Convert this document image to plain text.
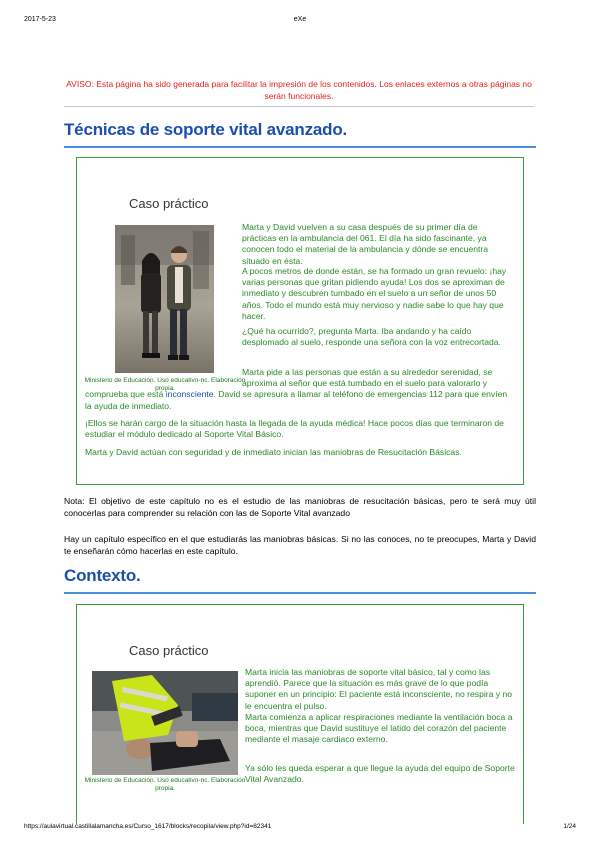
2017-5-23	eXe
AVISO: Esta página ha sido generada para facilitar la impresión de los contenidos. Los enlaces externos a otras páginas no serán funcionales.
Técnicas de soporte vital avanzado.
Caso práctico
Ministerio de Educación. Uso educativo-nc. Elaboración propia.
Marta y David vuelven a su casa después de su primer día de prácticas en la ambulancia del 061. El día ha sido fascinante, ya conocen todo el material de la ambulancia y dónde se encuentra situado en ésta.
A pocos metros de donde están, se ha formado un gran revuelo: ¡hay varias personas que gritan pidiendo ayuda! Los dos se aproximan de inmediato y descubren tumbado en el suelo a un señor de unos 50 años. Todo el mundo está muy nervioso y nadie sabe lo que hay que hacer.
¿Qué ha ocurrido?, pregunta Marta. Iba andando y ha caído desplomado al suelo, responde una señora con la voz entrecortada.
Marta pide a las personas que están a su alrededor serenidad, se aproxima al señor que está tumbado en el suelo para valorarlo y comprueba que está inconsciente. David se apresura a llamar al teléfono de emergencias 112 para que envíen la ayuda de inmediato.
¡Ellos se harán cargo de la situación hasta la llegada de la ayuda médica! Hace pocos días que terminaron de estudiar el módulo dedicado al Soporte Vital Básico.
Marta y David actúan con seguridad y de inmediato inician las maniobras de Resucitación Básicas.
Nota: El objetivo de este capítulo no es el estudio de las maniobras de resucitación básicas, pero te será muy útil conocerlas para comprender su relación con las de Soporte Vital avanzado
Hay un capítulo específico en el que estudiarás las maniobras básicas. Si no las conoces, no te preocupes, Marta y David te enseñarán cómo hacerlas en este capítulo.
Contexto.
Caso práctico
Ministerio de Educación. Uso educativo-nc. Elaboración propia.
Marta inicia las maniobras de soporte vital básico, tal y como las aprendió. Parece que la situación es más grave de lo que podía suponer en un principio: El paciente está inconsciente, no respira y no le encuentra el pulso.
Marta comienza a aplicar respiraciones mediante la ventilación boca a boca, mientras que David sustituye el latido del corazón del paciente mediante el masaje cardiaco externo.
Ya sólo les queda esperar a que llegue la ayuda del equipo de Soporte Vital Avanzado.
https://aulavirtual.castillalamancha.es/Curso_1617/blocks/recopila/view.php?id=82341	1/24
